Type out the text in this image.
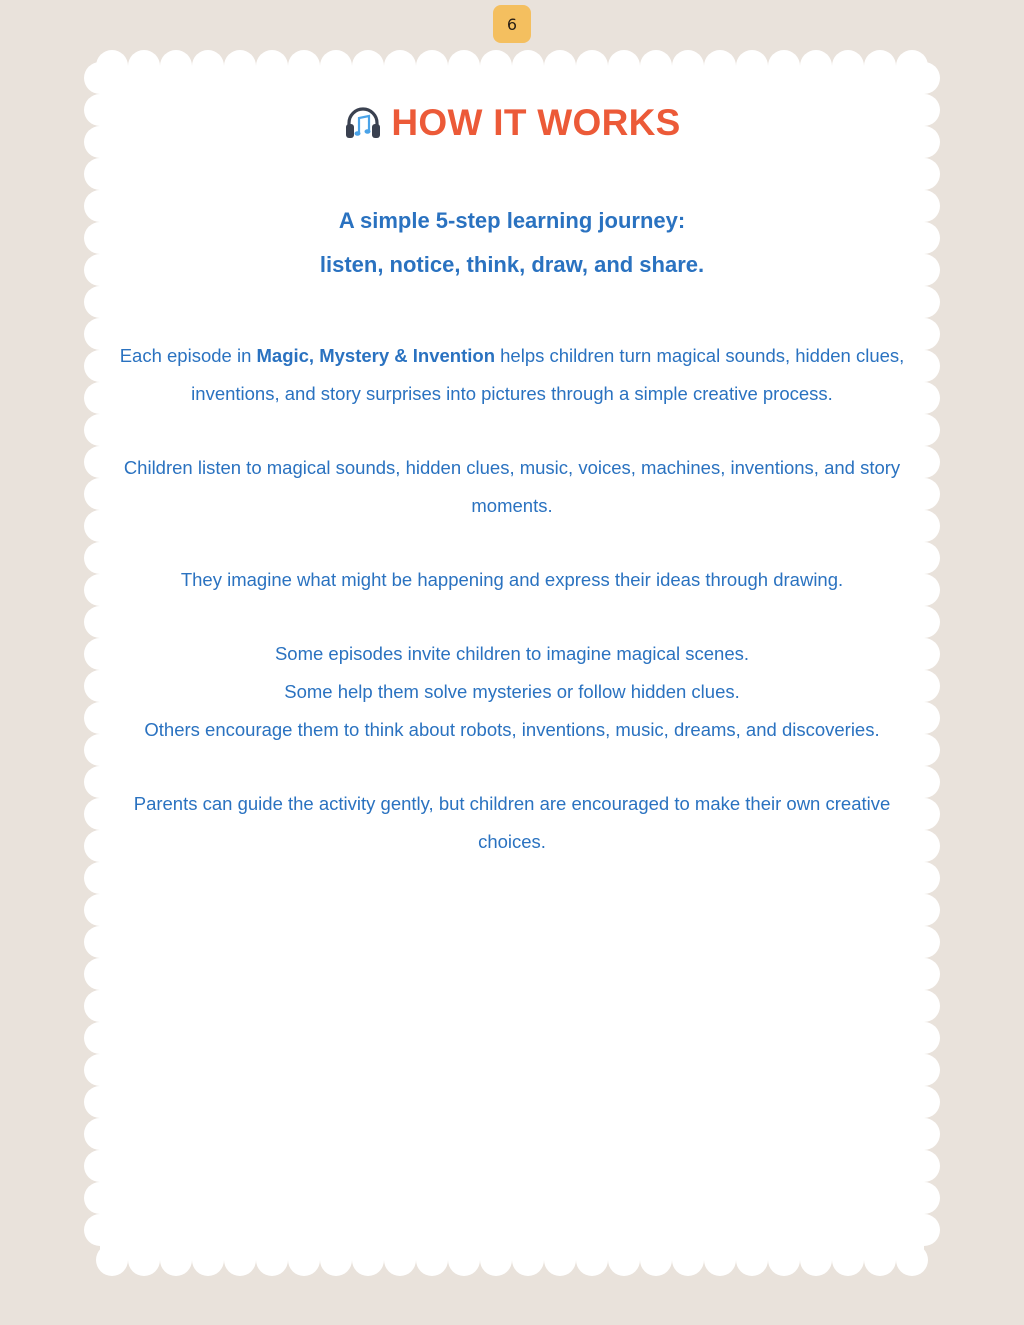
6
HOW IT WORKS
A simple 5-step learning journey:
listen, notice, think, draw, and share.
Each episode in Magic, Mystery & Invention helps children turn magical sounds, hidden clues, inventions, and story surprises into pictures through a simple creative process.
Children listen to magical sounds, hidden clues, music, voices, machines, inventions, and story moments.
They imagine what might be happening and express their ideas through drawing.
Some episodes invite children to imagine magical scenes.
Some help them solve mysteries or follow hidden clues.
Others encourage them to think about robots, inventions, music, dreams, and discoveries.
Parents can guide the activity gently, but children are encouraged to make their own creative choices.
